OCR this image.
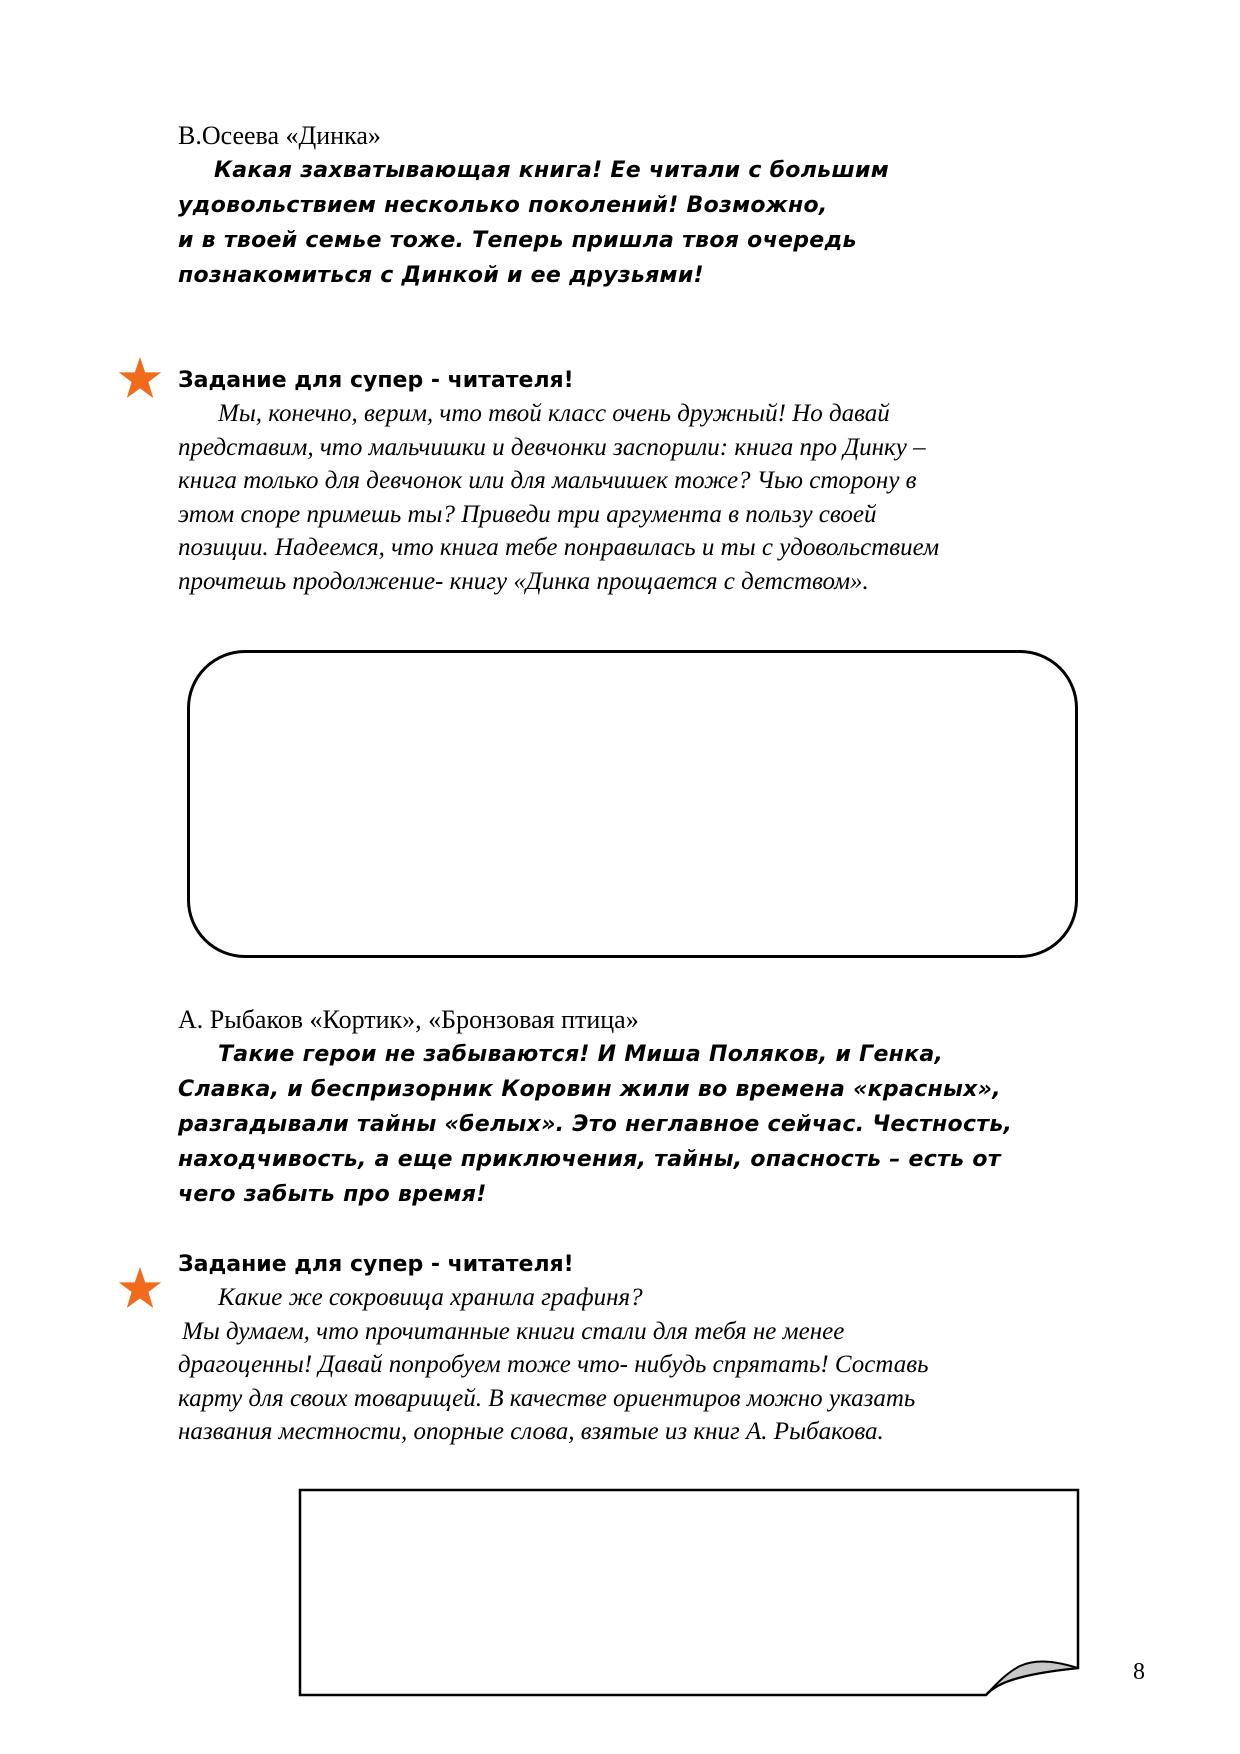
В.Осеева «Динка»
Какая захватывающая книга! Ее читали с большим
удовольствием несколько поколений! Возможно,
и в твоей семье тоже. Теперь пришла твоя очередь
познакомиться с Динкой и ее друзьями!
Задание для супер - читателя!
Мы, конечно, верим, что твой класс очень дружный! Но давай
представим, что мальчишки и девчонки заспорили: книга про Динку –
книга только для девчонок или для мальчишек тоже? Чью сторону в
этом споре примешь ты? Приведи три аргумента в пользу своей
позиции. Надеемся, что книга тебе понравилась и ты с удовольствием
прочтешь продолжение- книгу «Динка прощается с детством».
А. Рыбаков «Кортик», «Бронзовая птица»
Такие герои не забываются! И Миша Поляков, и Генка,
Славка, и беспризорник Коровин жили во времена «красных»,
разгадывали тайны «белых». Это неглавное сейчас. Честность,
находчивость, а еще приключения, тайны, опасность – есть от
чего забыть про время!
Задание для супер - читателя!
Какие же сокровища хранила графиня?
Мы думаем, что прочитанные книги стали для тебя не менее
драгоценны! Давай попробуем тоже что- нибудь спрятать! Составь
карту для своих товарищей. В качестве ориентиров можно указать
названия местности, опорные слова, взятые из книг А. Рыбакова.
8
